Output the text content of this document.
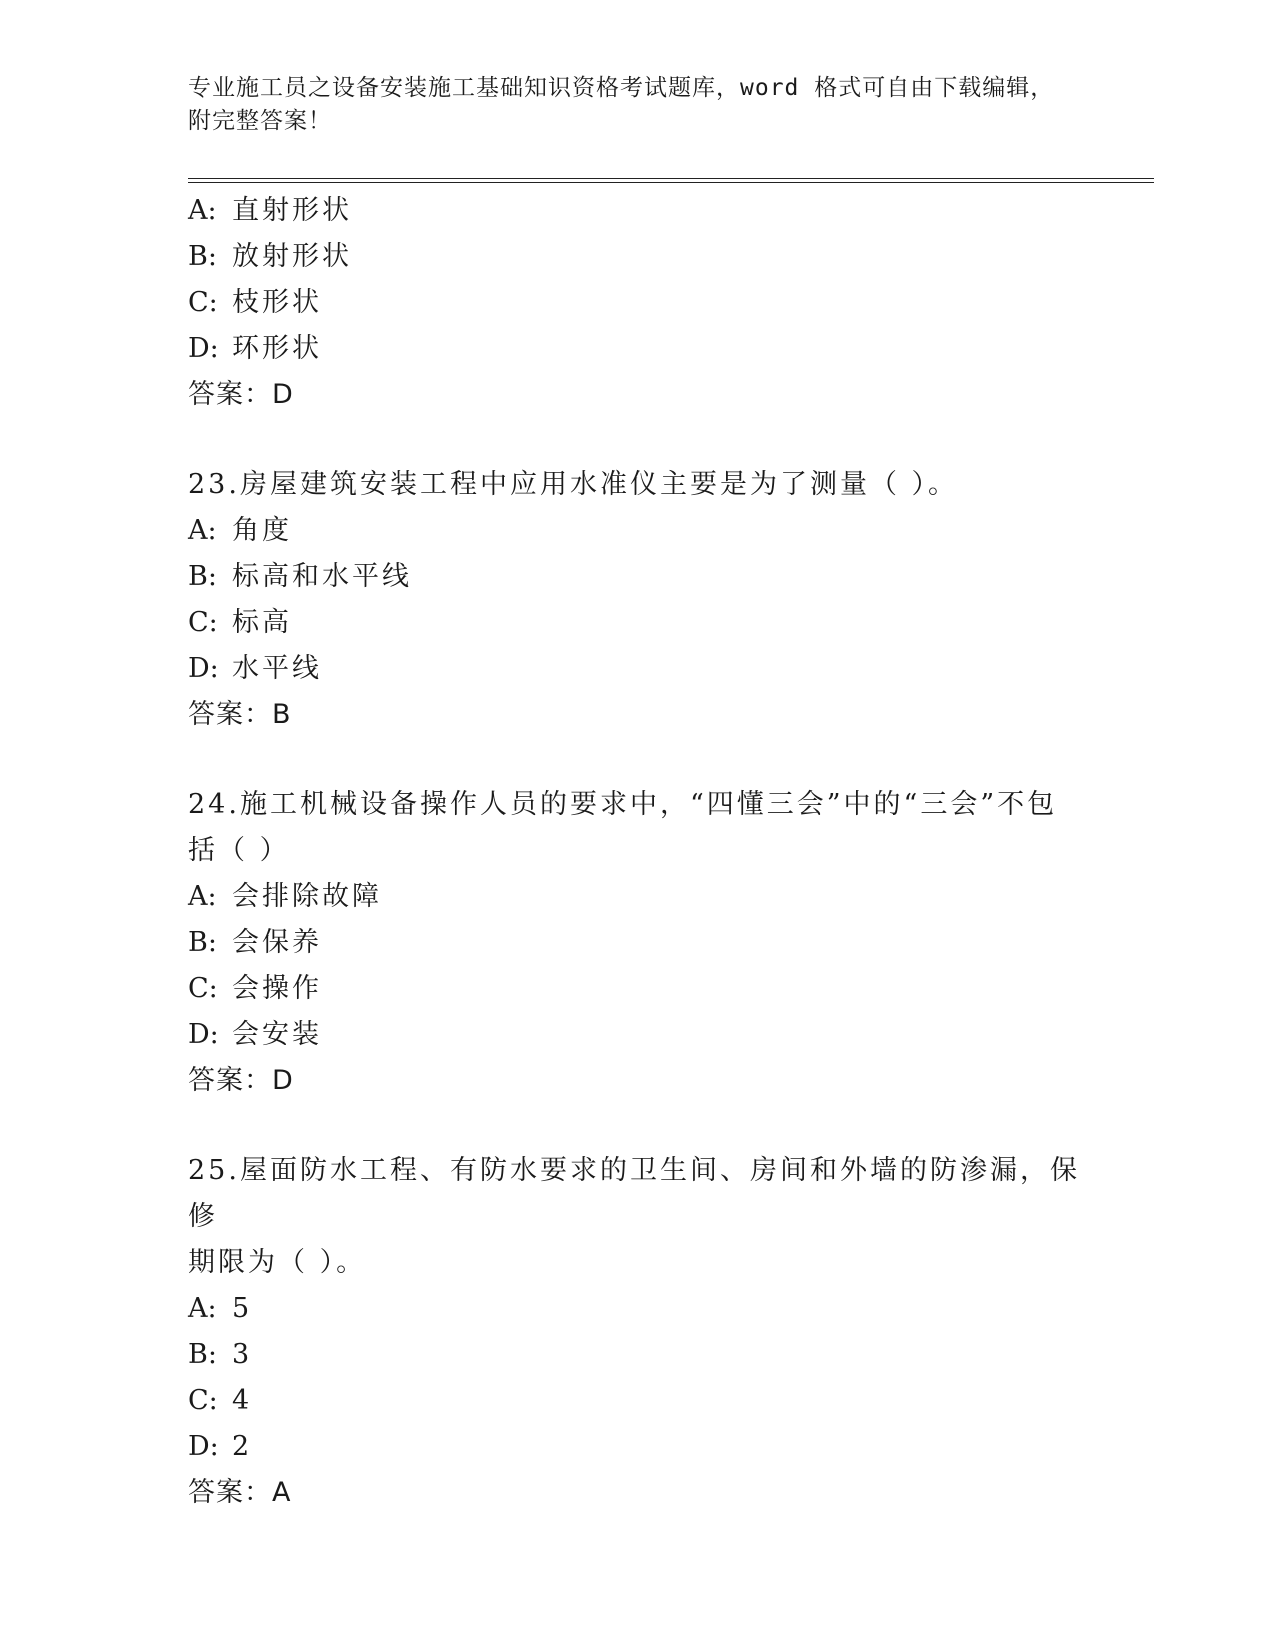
专业施工员之设备安装施工基础知识资格考试题库，word 格式可自由下载编辑，
附完整答案！
A: 直射形状
B: 放射形状
C: 枝形状
D: 环形状
答案：D
23.房屋建筑安装工程中应用水准仪主要是为了测量（ ）。
A: 角度
B: 标高和水平线
C: 标高
D: 水平线
答案：B
24.施工机械设备操作人员的要求中，“四懂三会”中的“三会”不包
括（ ）
A: 会排除故障
B: 会保养
C: 会操作
D: 会安装
答案：D
25.屋面防水工程、有防水要求的卫生间、房间和外墙的防渗漏，保修
期限为（ ）。
A: 5
B: 3
C: 4
D: 2
答案：A
